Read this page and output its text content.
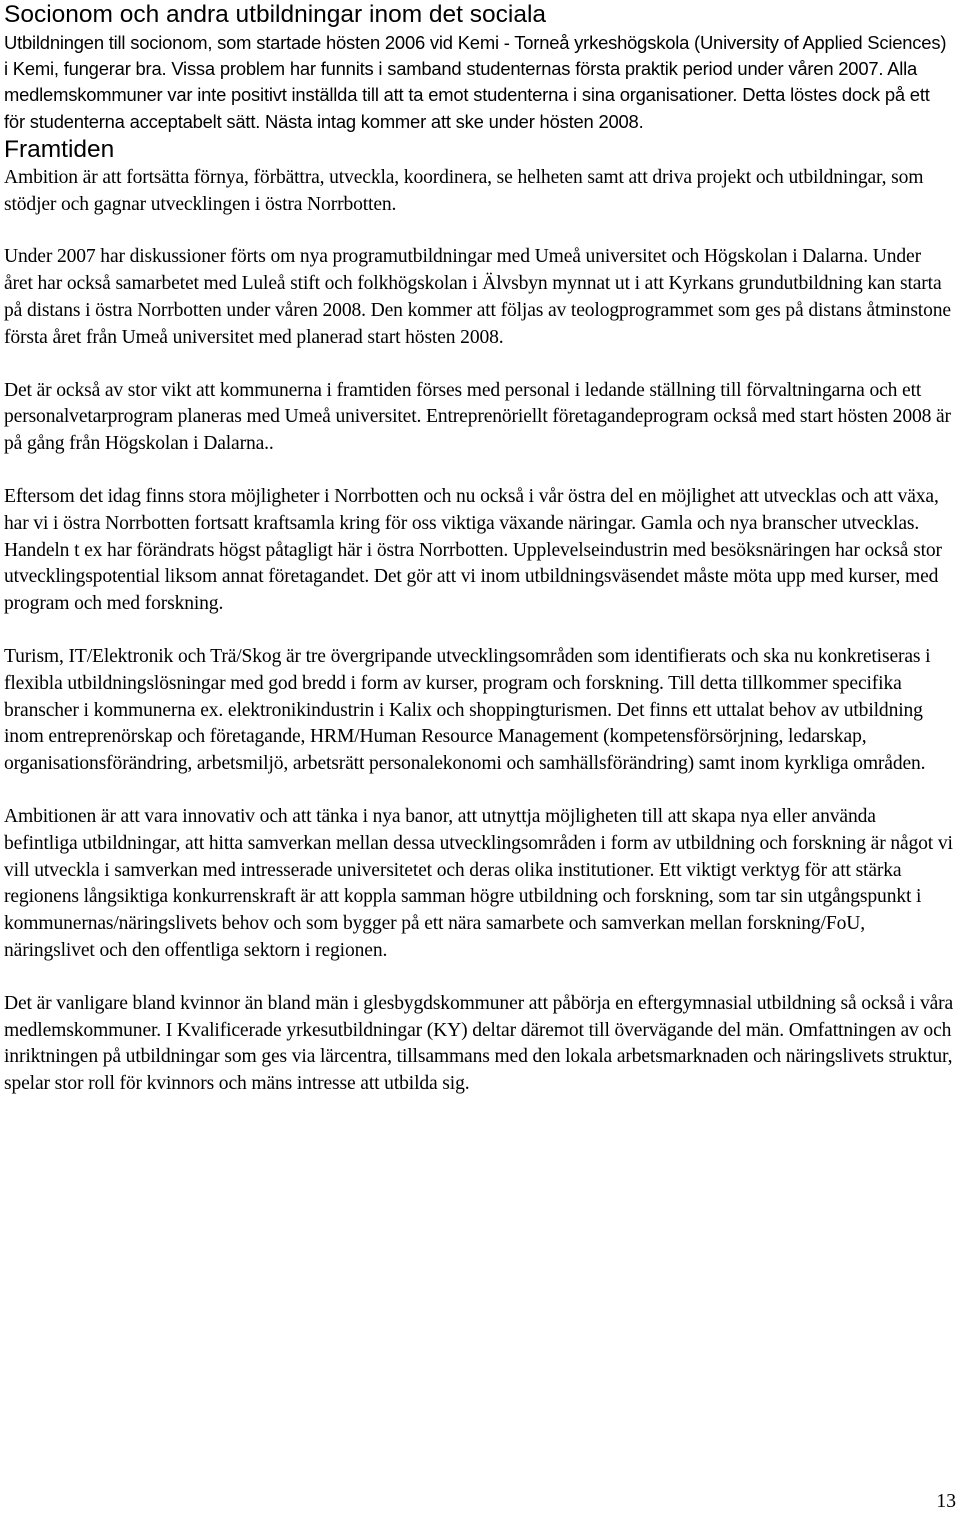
Socionom och andra utbildningar inom det sociala

Utbildningen till socionom, som startade hösten 2006 vid Kemi - Torneå yrkeshögskola (University of Applied Sciences) i Kemi, fungerar bra. Vissa problem har funnits i samband studenternas första praktik period under våren 2007. Alla medlemskommuner var inte positivt inställda till att ta emot studenterna i sina organisationer. Detta löstes dock på ett för studenterna acceptabelt sätt. Nästa intag kommer att ske under hösten 2008.

Framtiden

Ambition är att fortsätta förnya, förbättra, utveckla, koordinera, se helheten samt att driva projekt och utbildningar, som stödjer och gagnar utvecklingen i östra Norrbotten.

Under 2007 har diskussioner förts om nya programutbildningar med Umeå universitet och Högskolan i Dalarna. Under året har också samarbetet med Luleå stift och folkhögskolan i Älvsbyn mynnat ut i att Kyrkans grundutbildning kan starta på distans i östra Norrbotten under våren 2008. Den kommer att följas av teologprogrammet som ges på distans åtminstone första året från Umeå universitet med planerad start hösten 2008.

Det är också av stor vikt att kommunerna i framtiden förses med personal i ledande ställning till förvaltningarna och ett personalvetarprogram planeras med Umeå universitet. Entreprenöriellt företagandeprogram också med start hösten 2008 är på gång från Högskolan i Dalarna..

Eftersom det idag finns stora möjligheter i Norrbotten och nu också i vår östra del en möjlighet att utvecklas och att växa, har vi i östra Norrbotten fortsatt kraftsamla kring för oss viktiga växande näringar. Gamla och nya branscher utvecklas. Handeln t ex har förändrats högst påtagligt här i östra Norrbotten. Upplevelseindustrin med besöksnäringen har också stor utvecklingspotential liksom annat företagandet. Det gör att vi inom utbildningsväsendet måste möta upp med kurser, med program och med forskning.

Turism, IT/Elektronik och Trä/Skog är tre övergripande utvecklingsområden som identifierats och ska nu konkretiseras i flexibla utbildningslösningar med god bredd i form av kurser, program och forskning. Till detta tillkommer specifika branscher i kommunerna ex. elektronikindustrin i Kalix och shoppingturismen. Det finns ett uttalat behov av utbildning inom entreprenörskap och företagande, HRM/Human Resource Management (kompetensförsörjning, ledarskap, organisationsförändring, arbetsmiljö, arbetsrätt personalekonomi och samhällsförändring) samt inom kyrkliga områden.

Ambitionen är att vara innovativ och att tänka i nya banor, att utnyttja möjligheten till att skapa nya eller använda befintliga utbildningar, att hitta samverkan mellan dessa utvecklingsområden i form av utbildning och forskning är något vi vill utveckla i samverkan med intresserade universitetet och deras olika institutioner. Ett viktigt verktyg för att stärka regionens långsiktiga konkurrenskraft är att koppla samman högre utbildning och forskning, som tar sin utgångspunkt i kommunernas/näringslivets behov och som bygger på ett nära samarbete och samverkan mellan forskning/FoU, näringslivet och den offentliga sektorn i regionen.

Det är vanligare bland kvinnor än bland män i glesbygdskommuner att påbörja en eftergymnasial utbildning så också i våra medlemskommuner. I Kvalificerade yrkesutbildningar (KY) deltar däremot till övervägande del män. Omfattningen av och inriktningen på utbildningar som ges via lärcentra, tillsammans med den lokala arbetsmarknaden och näringslivets struktur, spelar stor roll för kvinnors och mäns intresse att utbilda sig.

13
